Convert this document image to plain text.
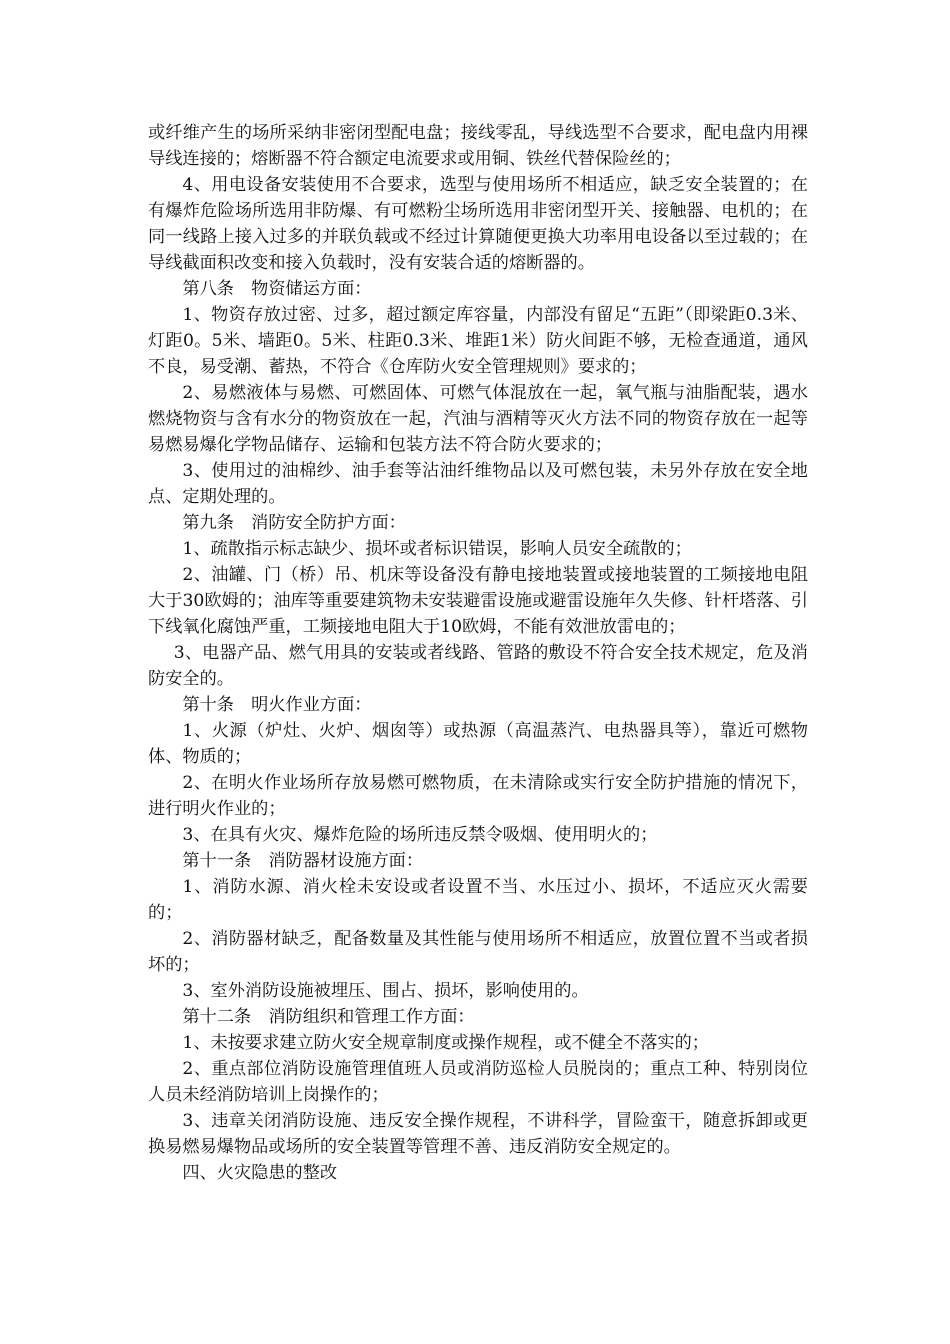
或纤维产生的场所采纳非密闭型配电盘；接线零乱，导线选型不合要求，配电盘内用裸导线连接的；熔断器不符合额定电流要求或用铜、铁丝代替保险丝的；

4、用电设备安装使用不合要求，选型与使用场所不相适应，缺乏安全装置的；在有爆炸危险场所选用非防爆、有可燃粉尘场所选用非密闭型开关、接触器、电机的；在同一线路上接入过多的并联负载或不经过计算随便更换大功率用电设备以至过载的；在导线截面积改变和接入负载时，没有安装合适的熔断器的。

第八条　物资储运方面：

1、物资存放过密、过多，超过额定库容量，内部没有留足“五距”（即梁距0.3米、灯距0。5米、墙距0。5米、柱距0.3米、堆距1米）防火间距不够，无检查通道，通风不良，易受潮、蓄热，不符合《仓库防火安全管理规则》要求的；

2、易燃液体与易燃、可燃固体、可燃气体混放在一起，氧气瓶与油脂配装，遇水燃烧物资与含有水分的物资放在一起，汽油与酒精等灭火方法不同的物资存放在一起等易燃易爆化学物品储存、运输和包装方法不符合防火要求的；

3、使用过的油棉纱、油手套等沾油纤维物品以及可燃包装，未另外存放在安全地点、定期处理的。

第九条　消防安全防护方面：

1、疏散指示标志缺少、损坏或者标识错误，影响人员安全疏散的；

2、油罐、门（桥）吊、机床等设备没有静电接地装置或接地装置的工频接地电阻大于30欧姆的；油库等重要建筑物未安装避雷设施或避雷设施年久失修、针杆塔落、引下线氧化腐蚀严重，工频接地电阻大于10欧姆，不能有效泄放雷电的；

3、电器产品、燃气用具的安装或者线路、管路的敷设不符合安全技术规定，危及消防安全的。

第十条　明火作业方面：

1、火源（炉灶、火炉、烟囱等）或热源（高温蒸汽、电热器具等），靠近可燃物体、物质的；

2、在明火作业场所存放易燃可燃物质，在未清除或实行安全防护措施的情况下，进行明火作业的；

3、在具有火灾、爆炸危险的场所违反禁令吸烟、使用明火的；

第十一条　消防器材设施方面：

1、消防水源、消火栓未安设或者设置不当、水压过小、损坏，不适应灭火需要的；

2、消防器材缺乏，配备数量及其性能与使用场所不相适应，放置位置不当或者损坏的；

3、室外消防设施被埋压、围占、损坏，影响使用的。

第十二条　消防组织和管理工作方面：

1、未按要求建立防火安全规章制度或操作规程，或不健全不落实的；

2、重点部位消防设施管理值班人员或消防巡检人员脱岗的；重点工种、特别岗位人员未经消防培训上岗操作的；

3、违章关闭消防设施、违反安全操作规程，不讲科学，冒险蛮干，随意拆卸或更换易燃易爆物品或场所的安全装置等管理不善、违反消防安全规定的。

四、火灾隐患的整改
